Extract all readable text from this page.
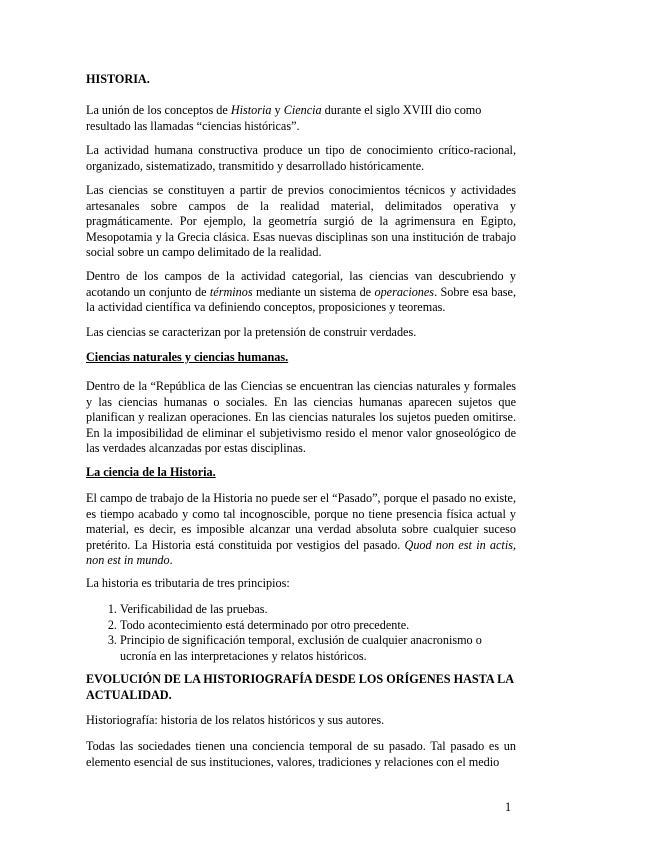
HISTORIA.

La unión de los conceptos de Historia y Ciencia durante el siglo XVIII dio como resultado las llamadas “ciencias históricas”.

La actividad humana constructiva produce un tipo de conocimiento crítico-racional, organizado, sistematizado, transmitido y desarrollado históricamente.

Las ciencias se constituyen a partir de previos conocimientos técnicos y actividades artesanales sobre campos de la realidad material, delimitados operativa y pragmáticamente. Por ejemplo, la geometría surgió de la agrimensura en Egipto, Mesopotamia y la Grecia clásica. Esas nuevas disciplinas son una institución de trabajo social sobre un campo delimitado de la realidad.

Dentro de los campos de la actividad categorial, las ciencias van descubriendo y acotando un conjunto de términos mediante un sistema de operaciones. Sobre esa base, la actividad científica va definiendo conceptos, proposiciones y teoremas.

Las ciencias se caracterizan por la pretensión de construir verdades.

Ciencias naturales y ciencias humanas.

Dentro de la “República de las Ciencias se encuentran las ciencias naturales y formales y las ciencias humanas o sociales. En las ciencias humanas aparecen sujetos que planifican y realizan operaciones. En las ciencias naturales los sujetos pueden omitirse. En la imposibilidad de eliminar el subjetivismo resido el menor valor gnoseológico de las verdades alcanzadas por estas disciplinas.

La ciencia de la Historia.

El campo de trabajo de la Historia no puede ser el “Pasado”, porque el pasado no existe, es tiempo acabado y como tal incognoscible, porque no tiene presencia física actual y material, es decir, es imposible alcanzar una verdad absoluta sobre cualquier suceso pretérito. La Historia está constituida por vestigios del pasado. Quod non est in actis, non est in mundo.

La historia es tributaria de tres principios:

1. Verificabilidad de las pruebas.
2. Todo acontecimiento está determinado por otro precedente.
3. Principio de significación temporal, exclusión de cualquier anacronismo o ucronía en las interpretaciones y relatos históricos.

EVOLUCIÓN DE LA HISTORIOGRAFÍA DESDE LOS ORÍGENES HASTA LA ACTUALIDAD.

Historiografía: historia de los relatos históricos y sus autores.

Todas las sociedades tienen una conciencia temporal de su pasado. Tal pasado es un elemento esencial de sus instituciones, valores, tradiciones y relaciones con el medio

1
